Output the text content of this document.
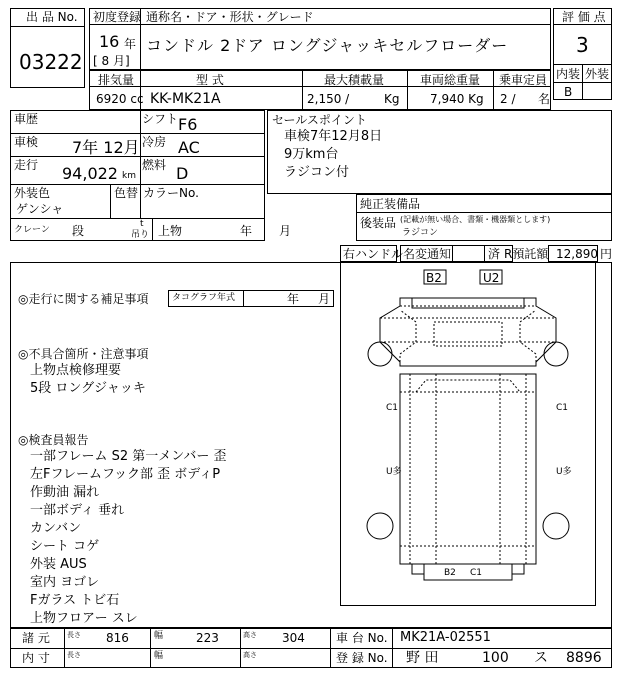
出 品 No.
03222
初度登録 通称名・ドア・形状・グレード
16 年
[ 8 月]
コンドル 2ドア ロングジャッキセルフローダー
評 価 点
3
内装 外装
B
排気量	型 式	最大積載量	車両総重量 乗車定員
6920 cc KK-MK21A	2,150 /	Kg	7,940 Kg 2 / 名
車歴	シフト F6
車検 7年 12月 冷房 AC
走行 94,022 km
燃料 D
外装色
ゲンシャ
色替 カラーNo.
クレーン 段	t
吊り 上物	年 月
セールスポイント
車検7年12月8日
9万km台
ラジコン付
純正装備品
後装品 (記載が無い場合、書類・機器類とします)
ラジコン
右ハンドル 名変通知	済 R預託額 12,890 円
◎走行に関する補足事項	タコグラフ年式	年 月
◎不具合箇所・注意事項
上物点検修理要
5段 ロングジャッキ
◎検査員報告
一部フレーム S2 第一メンバー 歪
左Fフレームフック部 歪 ボディP
作動油 漏れ
一部ボディ 垂れ
カンバン
シート コゲ
外装 AUS
室内 ヨゴレ
Fガラス トビ石
上物フロアー スレ
B2	U2
C1	C1
U多	U多
B2 C1
諸 元 長さ 816	幅	223	高さ 304	車 台 No. MK21A-02551
内 寸 長さ	幅	高さ	登 録 No. 野 田	100 ス 8896
